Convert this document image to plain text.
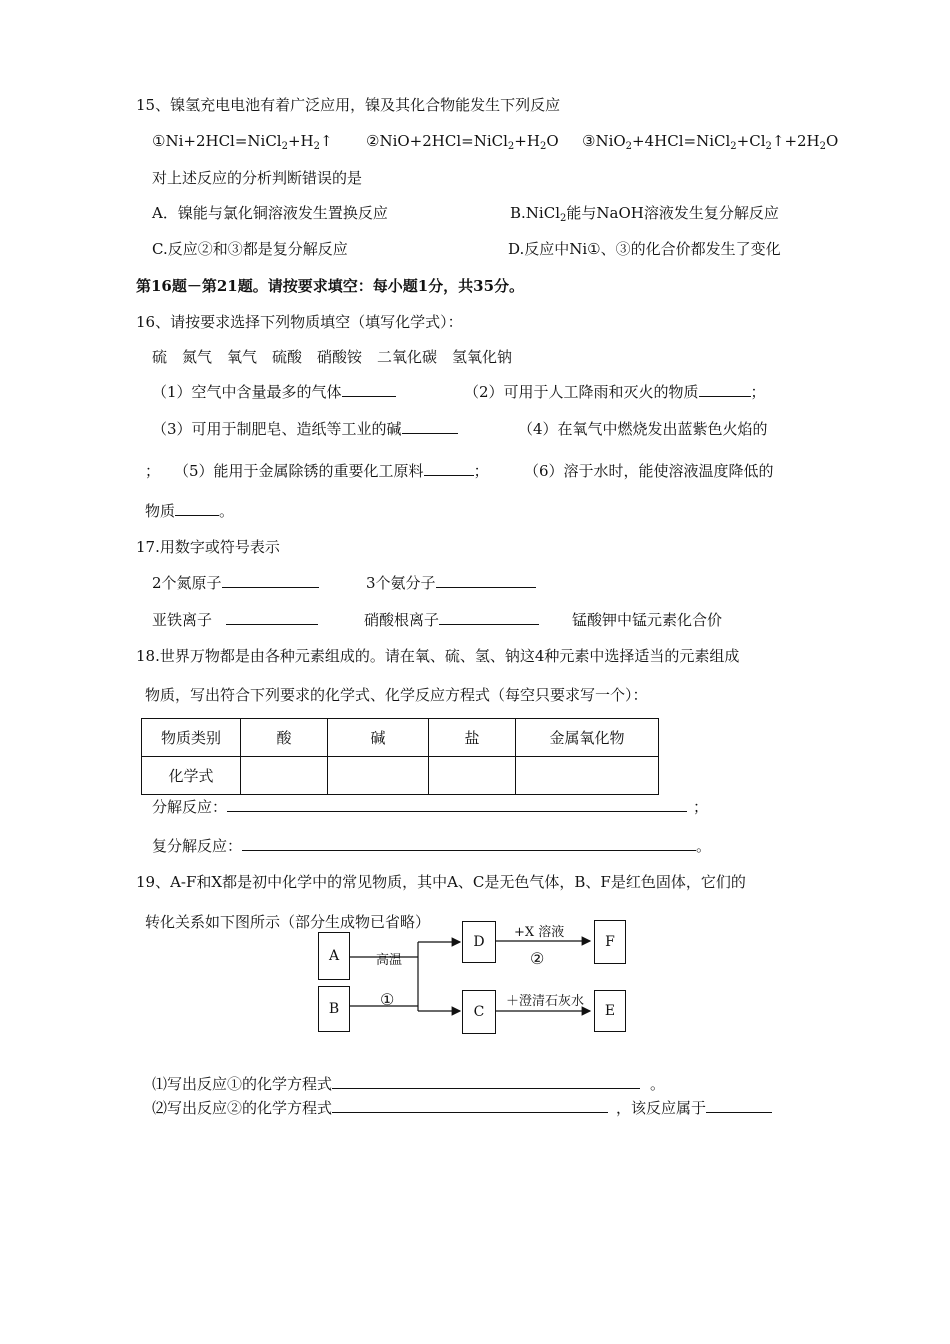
15、镍氢充电电池有着广泛应用，镍及其化合物能发生下列反应
$①Ni+2HCl=NiCl_2+H_2↑$ $②NiO+2HCl=NiCl_2+H_2O$ $③NiO_2+4HCl=NiCl_2+Cl_2↑+2H_2O$
对上述反应的分析判断错误的是
A．镍能与氯化铜溶液发生置换反应	B.NiCl$_2$能与NaOH溶液发生复分解反应
C.反应②和③都是复分解反应	D.反应中Ni①、③的化合价都发生了变化
第16题－第21题。请按要求填空：每小题1分，共35分。
16、请按要求选择下列物质填空（填写化学式）：
硫　氮气　氧气　硫酸　硝酸铵　二氧化碳　氢氧化钠
（1）空气中含量最多的气体	（2）可用于人工降雨和灭火的物质	；
（3）可用于制肥皂、造纸等工业的碱	（4）在氧气中燃烧发出蓝紫色火焰的
； （5）能用于金属除锈的重要化工原料	； （6）溶于水时，能使溶液温度降低的
物质	。
17.用数字或符号表示
2个氮原子	3个氨分子
亚铁离子	硝酸根离子	锰酸钾中锰元素化合价
18.世界万物都是由各种元素组成的。请在氧、硫、氢、钠这4种元素中选择适当的元素组成
物质，写出符合下列要求的化学式、化学反应方程式（每空只要求写一个）：
物质类别	酸	碱	盐	金属氧化物
化学式				
分解反应：	；
复分解反应：	。
19、A-F和X都是初中化学中的常见物质，其中A、C是无色气体，B、F是红色固体，它们的
转化关系如下图所示（部分生成物已省略）
A
B
D
C
F
E
高温
①
+X 溶液
②
＋澄清石灰水
⑴写出反应①的化学方程式	。
⑵写出反应②的化学方程式	，该反应属于
